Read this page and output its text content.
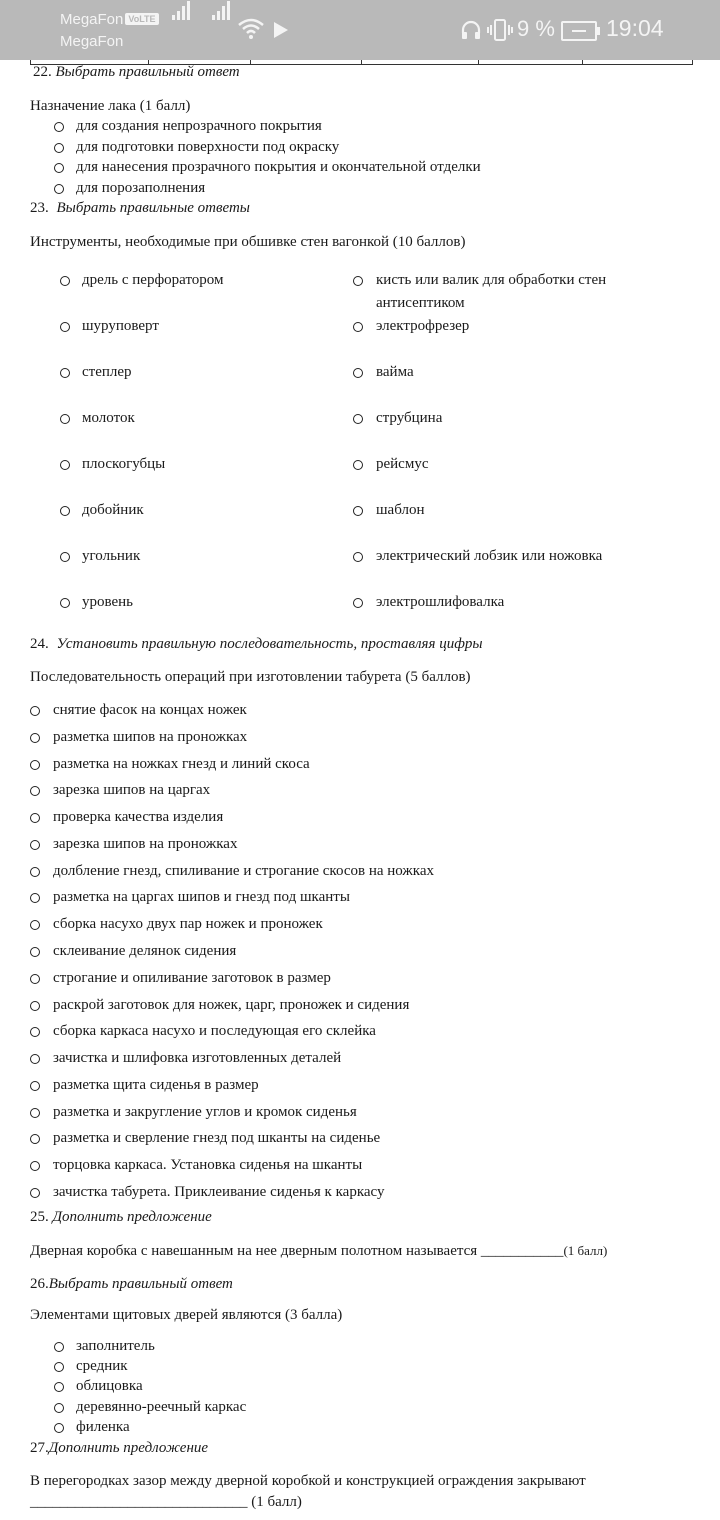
MegaFon VoLTE
MegaFon
9 % 19:04
22. Выбрать правильный ответ
Назначение лака (1 балл)
для создания непрозрачного покрытия
для подготовки поверхности под окраску
для нанесения прозрачного покрытия и окончательной отделки
для порозаполнения
23. Выбрать правильные ответы
Инструменты, необходимые при обшивке стен вагонкой (10 баллов)
дрель с перфоратором
шуруповерт
степлер
молоток
плоскогубцы
добойник
угольник
уровень
кисть или валик для обработки стен
электрофрезер
вайма
струбцина
рейсмус
шаблон
электрический лобзик или ножовка
электрошлифовалка
антисептиком
24. Установить правильную последовательность, проставляя цифры
Последовательность операций при изготовлении табурета (5 баллов)
снятие фасок на концах ножек
разметка шипов на проножках
разметка на ножках гнезд и линий скоса
зарезка шипов на царгах
проверка качества изделия
зарезка шипов на проножках
долбление гнезд, спиливание и строгание скосов на ножках
разметка на царгах шипов и гнезд под шканты
сборка насухо двух пар ножек и проножек
склеивание делянок сидения
строгание и опиливание заготовок в размер
раскрой заготовок для ножек, царг, проножек и сидения
сборка каркаса насухо и последующая его склейка
зачистка и шлифовка изготовленных деталей
разметка щита сиденья в размер
разметка и закругление углов и кромок сиденья
разметка и сверление гнезд под шканты на сиденье
торцовка каркаса. Установка сиденья на шканты
зачистка табурета. Приклеивание сиденья к каркасу
25. Дополнить предложение
Дверная коробка с навешанным на нее дверным полотном называется ___________(1 балл)
26.Выбрать правильный ответ
Элементами щитовых дверей являются (3 балла)
заполнитель
средник
облицовка
деревянно-реечный каркас
филенка
27.Дополнить предложение
В перегородках зазор между дверной коробкой и конструкцией ограждения закрывают
_____________________________ (1 балл)
